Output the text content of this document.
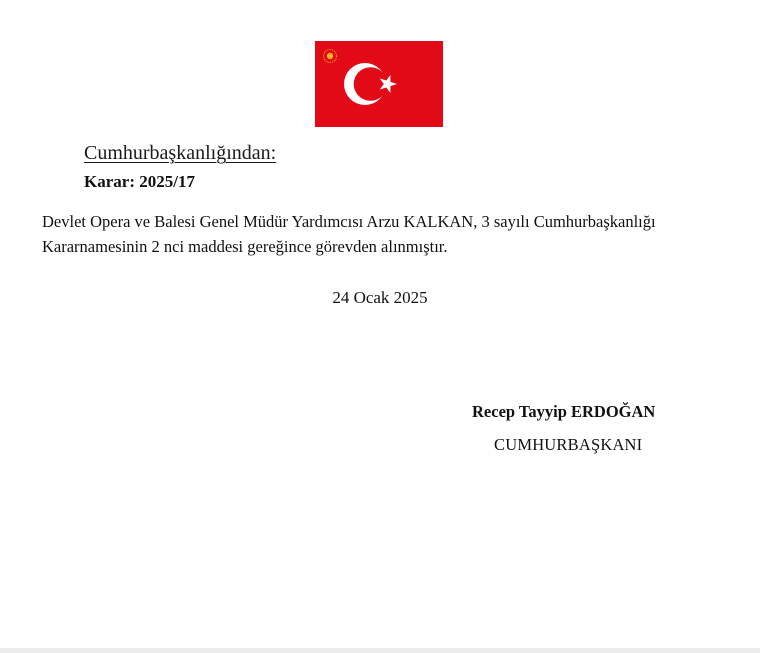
Cumhurbaşkanlığından:
Karar: 2025/17
Devlet Opera ve Balesi Genel Müdür Yardımcısı Arzu KALKAN, 3 sayılı Cumhurbaşkanlığı
Kararnamesinin 2 nci maddesi gereğince görevden alınmıştır.
24 Ocak 2025
Recep Tayyip ERDOĞAN
CUMHURBAŞKANI
